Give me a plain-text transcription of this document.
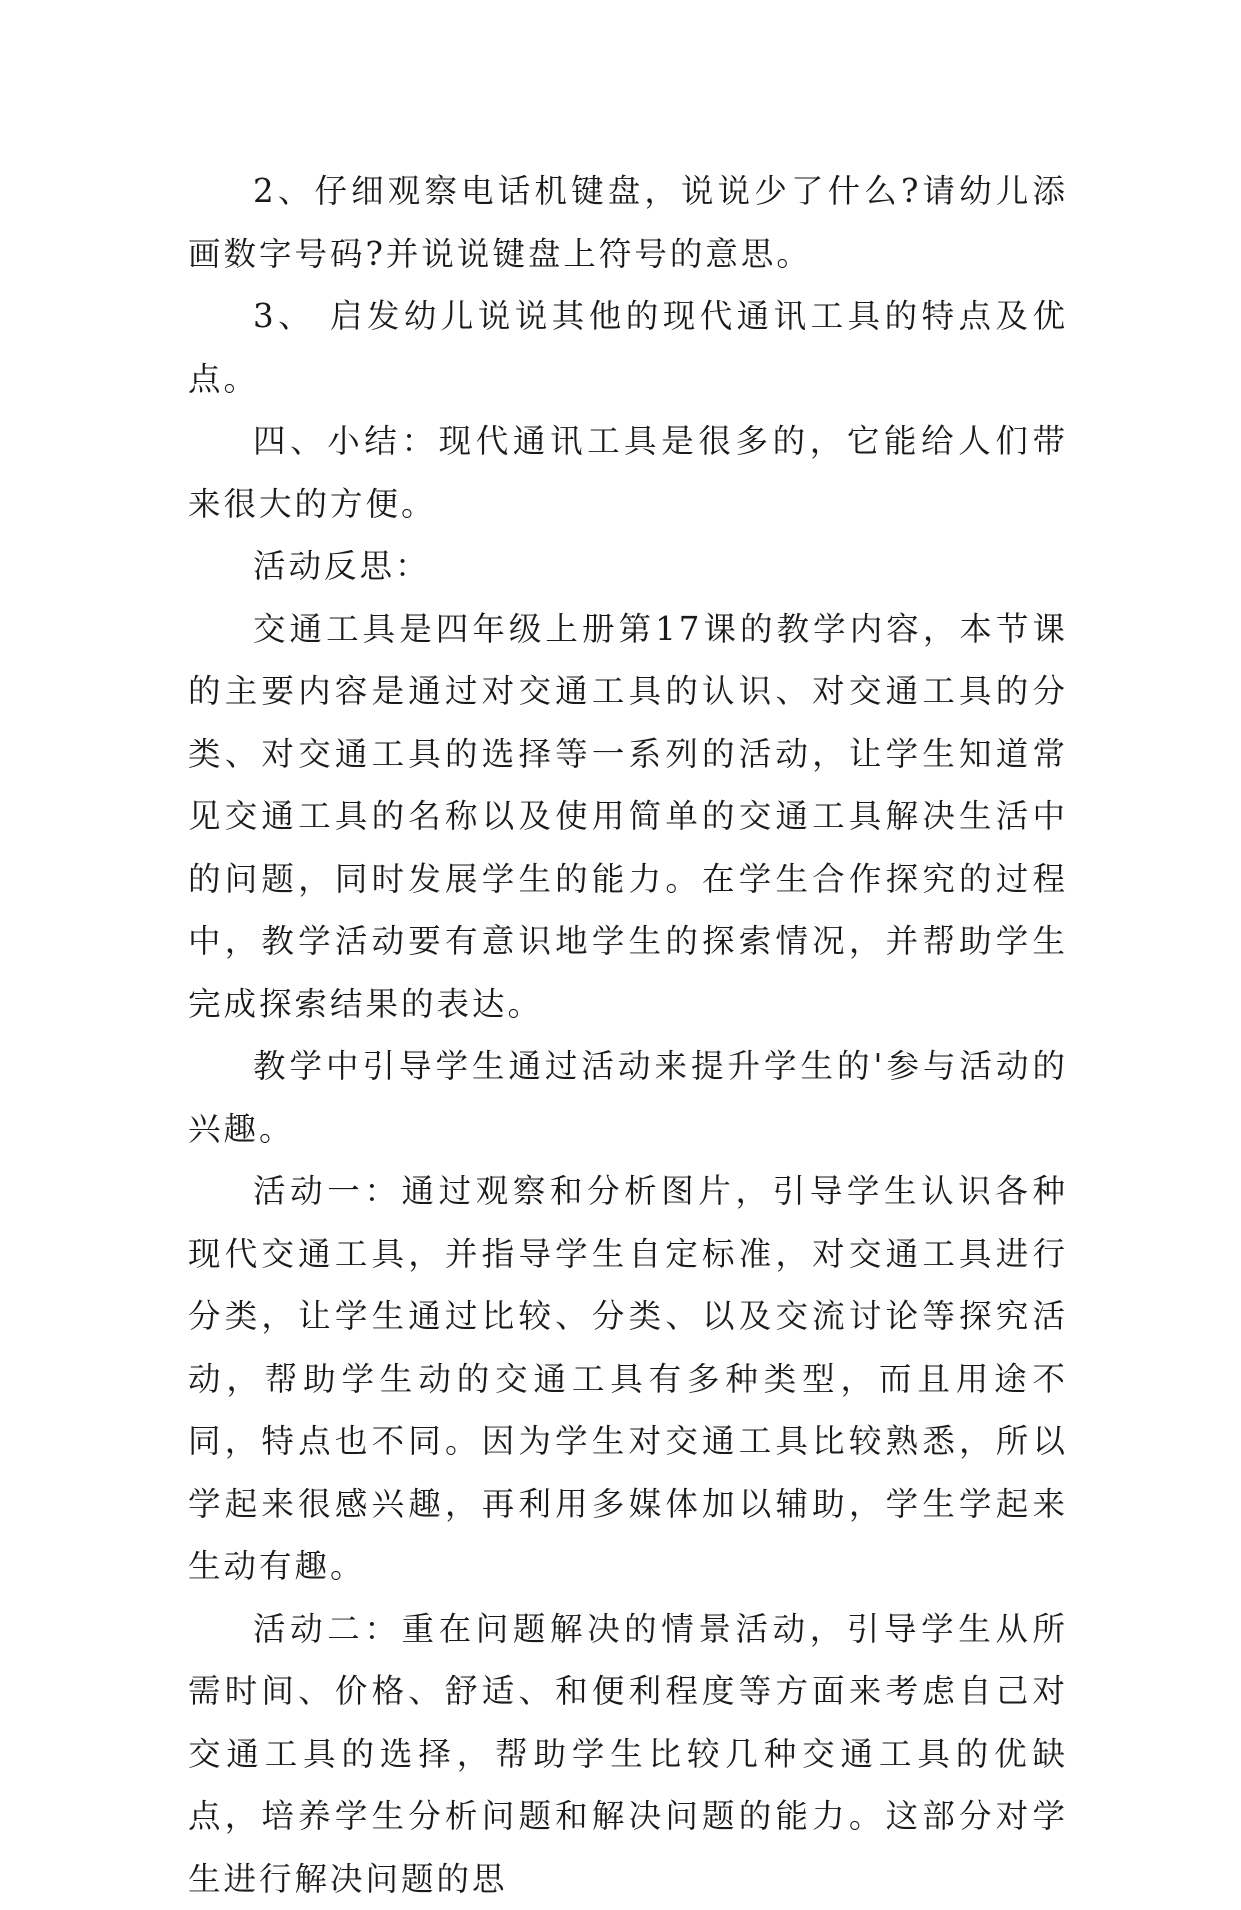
2、仔细观察电话机键盘，说说少了什么?请幼儿添画数字号码?并说说键盘上符号的意思。

3、 启发幼儿说说其他的现代通讯工具的特点及优点。

四、小结：现代通讯工具是很多的，它能给人们带来很大的方便。

活动反思：

交通工具是四年级上册第17课的教学内容，本节课的主要内容是通过对交通工具的认识、对交通工具的分类、对交通工具的选择等一系列的活动，让学生知道常见交通工具的名称以及使用简单的交通工具解决生活中的问题，同时发展学生的能力。在学生合作探究的过程中，教学活动要有意识地学生的探索情况，并帮助学生完成探索结果的表达。

教学中引导学生通过活动来提升学生的'参与活动的兴趣。

活动一：通过观察和分析图片，引导学生认识各种现代交通工具，并指导学生自定标准，对交通工具进行分类，让学生通过比较、分类、以及交流讨论等探究活动，帮助学生动的交通工具有多种类型，而且用途不同，特点也不同。因为学生对交通工具比较熟悉，所以学起来很感兴趣，再利用多媒体加以辅助，学生学起来生动有趣。

活动二：重在问题解决的情景活动，引导学生从所需时间、价格、舒适、和便利程度等方面来考虑自己对交通工具的选择，帮助学生比较几种交通工具的优缺点，培养学生分析问题和解决问题的能力。这部分对学生进行解决问题的思
